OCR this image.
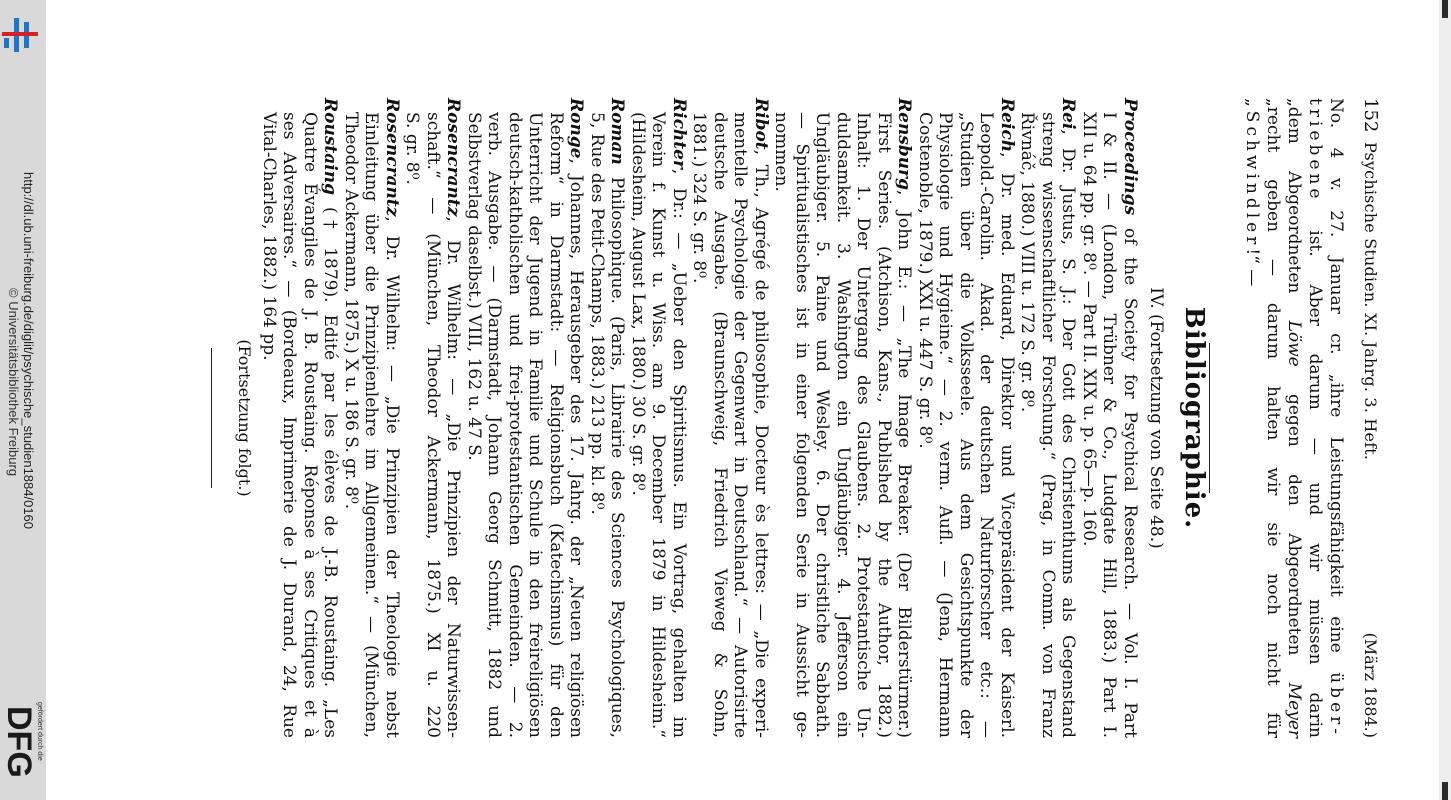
http://dl.ub.uni-freiburg.de/diglit/psychische_studien1884/0160
© Universitätsbibliothek Freiburg
gefördert durch die
DFG
152
Psychische Studien. XI. Jahrg. 3. Heft.
(März 1884.)
No. 4 v. 27. Januar cr. „ihre Leistungsfähigkeit eine über-
triebene ist. Aber darum — und wir müssen darin
„dem Abgeordneten Löwe gegen den Abgeordneten Meyer
„recht geben — darum halten wir sie noch nicht für
„Schwindler!“ —
Bibliographie.
IV. (Fortsetzung von Seite 48.)
Proceedings of the Society for Psychical Research. — Vol. I. Part
I & II. — (London, Trübner & Co., Ludgate Hill, 1883.) Part I.
XII u. 64 pp. gr. 8⁰. — Part II. XIX u. p. 65—p. 160.
Rei, Dr. Justus, S. J.: Der Gott des Christenthums als Gegenstand
streng wissenschaftlicher Forschung.“ (Prag, in Comm. von Franz
Řivnáč, 1880.) VIII u. 172 S. gr. 8⁰.
Reich, Dr. med. Eduard, Direktor und Vicepräsident der Kaiserl.
Leopold.-Carolin. Akad. der deutschen Naturforscher etc.: —
„Studien über die Volksseele. Aus dem Gesichtspunkte der
Physiologie und Hygieine.“ — 2. verm. Aufl. — (Jena, Hermann
Costenoble, 1879.) XXI u. 447 S. gr. 8⁰.
Rensburg, John E.: — „The Image Breaker. (Der Bilderstürmer.)
First Series. (Atchison, Kans., Published by the Author, 1882.)
Inhalt: 1. Der Untergang des Glaubens. 2. Protestantische Un-
duldsamkeit. 3. Washington ein Ungläubiger. 4. Jefferson ein
Ungläubiger. 5. Paine und Wesley. 6. Der christliche Sabbath.
— Spiritualistisches ist in einer folgenden Serie in Aussicht ge-
nommen.
Ribot, Th., Agrégé de philosophie, Docteur ès lettres: — „Die experi-
mentelle Psychologie der Gegenwart in Deutschland.“ — Autorisirte
deutsche Ausgabe. (Braunschweig, Friedrich Vieweg & Sohn,
1881.) 324 S. gr. 8⁰.
Richter, Dr.: — „Ueber den Spiritismus. Ein Vortrag, gehalten im
Verein f. Kunst u. Wiss. am 9. December 1879 in Hildesheim.“
(Hildesheim, August Lax, 1880.) 30 S. gr. 8⁰.
Roman Philosophique. (Paris, Librairie des Sciences Psychologiques,
5, Rue des Petit-Champs, 1883.) 213 pp. kl. 8⁰.
Ronge, Johannes, Herausgeber des 17. Jahrg. der „Neuen religiösen
Reform“ in Darmstadt: — Religionsbuch (Katechismus) für den
Unterricht der Jugend in Familie und Schule in den freireligiösen
deutsch-katholischen und frei-protestantischen Gemeinden. — 2.
verb. Ausgabe. — (Darmstadt, Johann Georg Schmitt, 1882 und
Selbstverlag daselbst.) VIII, 162 u. 47 S.
Rosencrantz, Dr. Wilhelm: — „Die Prinzipien der Naturwissen-
schaft.“ — (München, Theodor Ackermann, 1875.) XI u. 220
S. gr. 8⁰.
Rosencrantz, Dr. Wilhelm: — „Die Prinzipien der Theologie nebst
Einleitung über die Prinzipienlehre im Allgemeinen.“ — (München,
Theodor Ackermann, 1875.) X u. 186 S. gr. 8⁰.
Roustaing († 1879). Edité par les élèves de J.-B. Roustaing. „Les
Quatre Évangiles de J. B. Roustaing. Réponse à ses Critiques et à
ses Adversaires.“ — (Bordeaux, Imprimerie de J. Durand, 24, Rue
Vital-Charles, 1882.) 164 pp.
(Fortsetzung folgt.)
